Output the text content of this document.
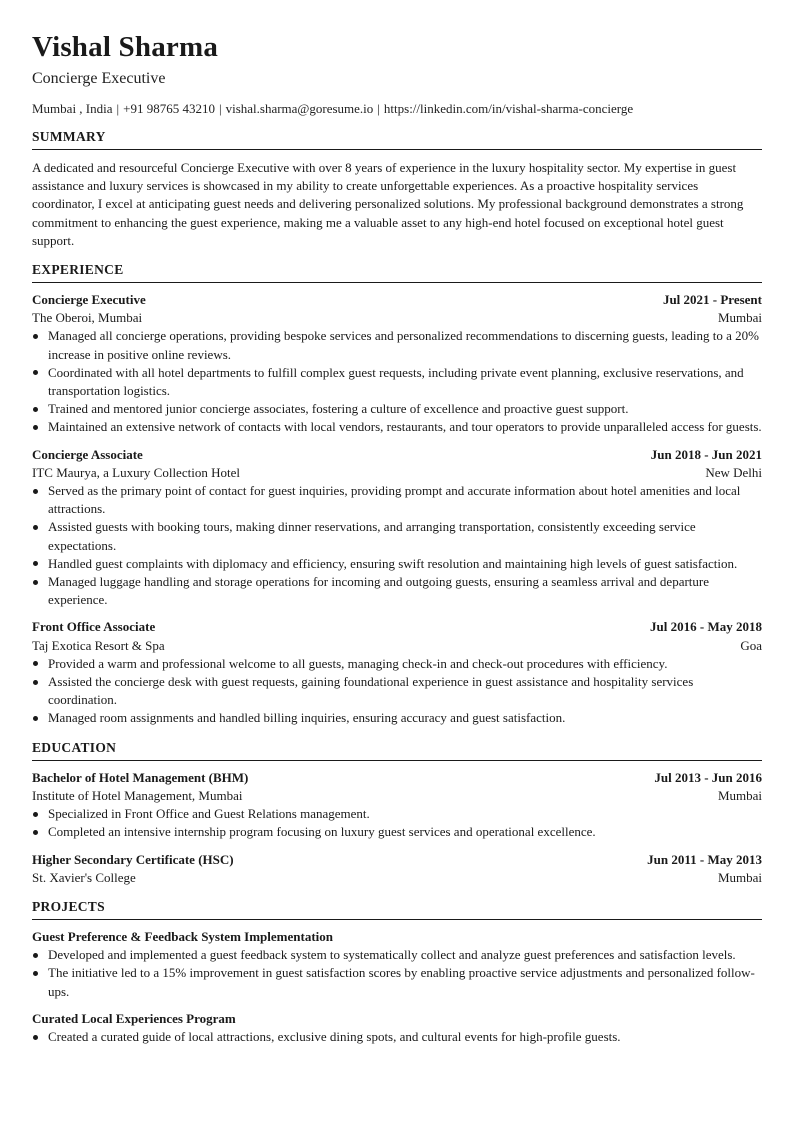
Vishal Sharma
Concierge Executive
Mumbai , India | +91 98765 43210 | vishal.sharma@goresume.io | https://linkedin.com/in/vishal-sharma-concierge
SUMMARY
A dedicated and resourceful Concierge Executive with over 8 years of experience in the luxury hospitality sector. My expertise in guest assistance and luxury services is showcased in my ability to create unforgettable experiences. As a proactive hospitality services coordinator, I excel at anticipating guest needs and delivering personalized solutions. My professional background demonstrates a strong commitment to enhancing the guest experience, making me a valuable asset to any high-end hotel focused on exceptional hotel guest support.
EXPERIENCE
Concierge Executive	Jul 2021 - Present
The Oberoi, Mumbai	Mumbai
Managed all concierge operations, providing bespoke services and personalized recommendations to discerning guests, leading to a 20% increase in positive online reviews.
Coordinated with all hotel departments to fulfill complex guest requests, including private event planning, exclusive reservations, and transportation logistics.
Trained and mentored junior concierge associates, fostering a culture of excellence and proactive guest support.
Maintained an extensive network of contacts with local vendors, restaurants, and tour operators to provide unparalleled access for guests.
Concierge Associate	Jun 2018 - Jun 2021
ITC Maurya, a Luxury Collection Hotel	New Delhi
Served as the primary point of contact for guest inquiries, providing prompt and accurate information about hotel amenities and local attractions.
Assisted guests with booking tours, making dinner reservations, and arranging transportation, consistently exceeding service expectations.
Handled guest complaints with diplomacy and efficiency, ensuring swift resolution and maintaining high levels of guest satisfaction.
Managed luggage handling and storage operations for incoming and outgoing guests, ensuring a seamless arrival and departure experience.
Front Office Associate	Jul 2016 - May 2018
Taj Exotica Resort & Spa	Goa
Provided a warm and professional welcome to all guests, managing check-in and check-out procedures with efficiency.
Assisted the concierge desk with guest requests, gaining foundational experience in guest assistance and hospitality services coordination.
Managed room assignments and handled billing inquiries, ensuring accuracy and guest satisfaction.
EDUCATION
Bachelor of Hotel Management (BHM)	Jul 2013 - Jun 2016
Institute of Hotel Management, Mumbai	Mumbai
Specialized in Front Office and Guest Relations management.
Completed an intensive internship program focusing on luxury guest services and operational excellence.
Higher Secondary Certificate (HSC)	Jun 2011 - May 2013
St. Xavier's College	Mumbai
PROJECTS
Guest Preference & Feedback System Implementation
Developed and implemented a guest feedback system to systematically collect and analyze guest preferences and satisfaction levels.
The initiative led to a 15% improvement in guest satisfaction scores by enabling proactive service adjustments and personalized follow-ups.
Curated Local Experiences Program
Created a curated guide of local attractions, exclusive dining spots, and cultural events for high-profile guests.
